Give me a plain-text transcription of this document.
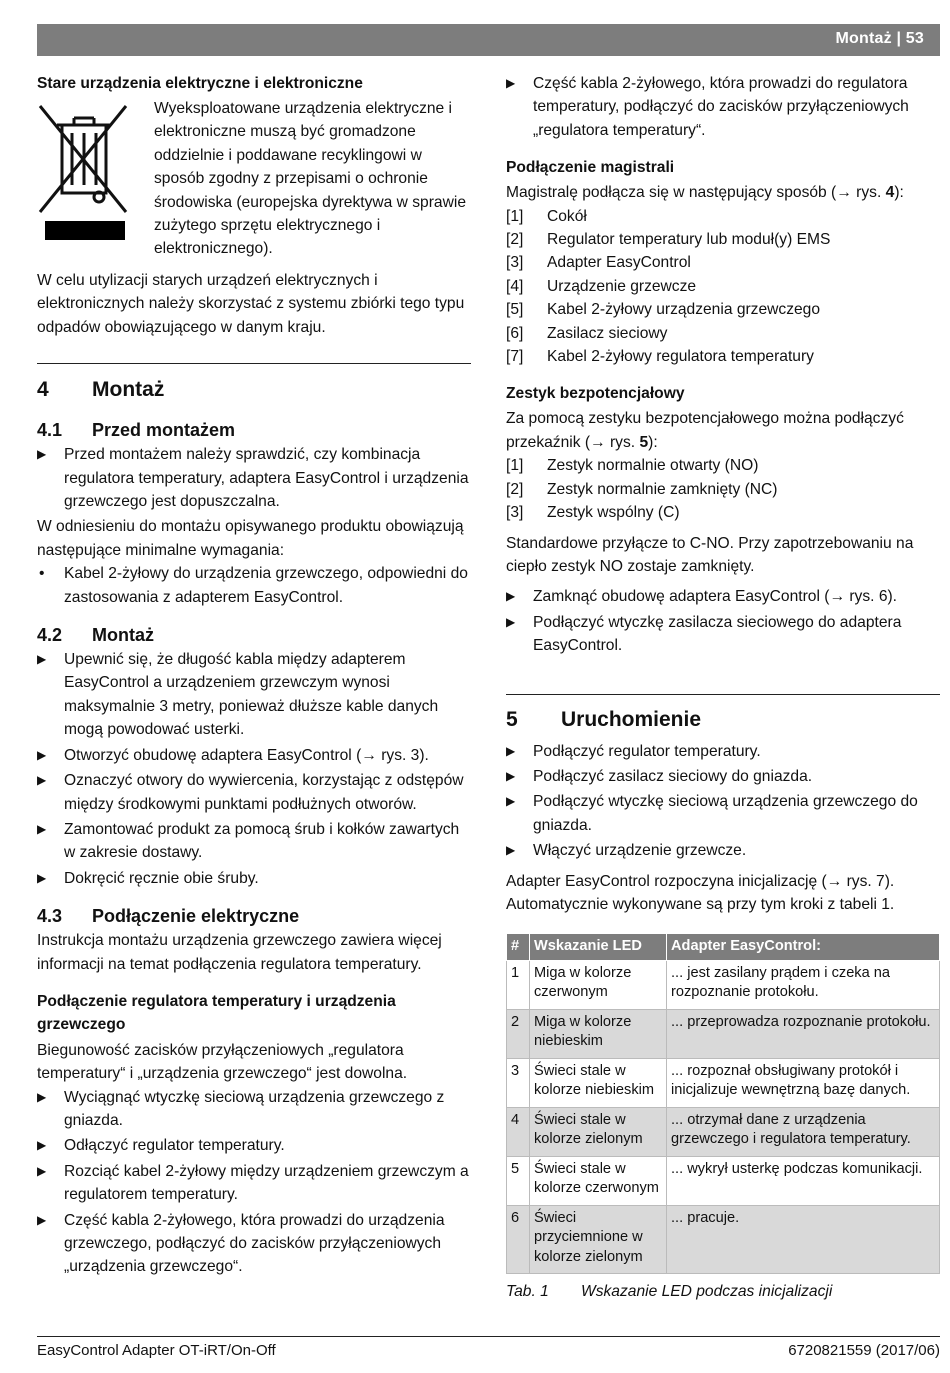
Montaż | 53
Stare urządzenia elektryczne i elektroniczne

Wyeksploatowane urządzenia elektryczne i elektroniczne muszą być gromadzone oddzielnie i poddawane recyklingowi w sposób zgodny z przepisami o ochronie środowiska (europejska dyrektywa w sprawie zużytego sprzętu elektrycznego i elektronicznego).

W celu utylizacji starych urządzeń elektrycznych i elektronicznych należy skorzystać z systemu zbiórki tego typu odpadów obowiązującego w danym kraju.

4	Montaż
4.1	Przed montażem
▶	Przed montażem należy sprawdzić, czy kombinacja regulatora temperatury, adaptera EasyControl i urządzenia grzewczego jest dopuszczalna.

W odniesieniu do montażu opisywanego produktu obowiązują następujące minimalne wymagania:

•	Kabel 2-żyłowy do urządzenia grzewczego, odpowiedni do zastosowania z adapterem EasyControl.
4.2	Montaż
▶	Upewnić się, że długość kabla między adapterem EasyControl a urządzeniem grzewczym wynosi maksymalnie 3 metry, ponieważ dłuższe kable danych mogą powodować usterki.
▶	Otworzyć obudowę adaptera EasyControl (→ rys. 3).
▶	Oznaczyć otwory do wywiercenia, korzystając z odstępów między środkowymi punktami podłużnych otworów.
▶	Zamontować produkt za pomocą śrub i kołków zawartych w zakresie dostawy.
▶	Dokręcić ręcznie obie śruby.
4.3	Podłączenie elektryczne

Instrukcja montażu urządzenia grzewczego zawiera więcej informacji na temat podłączenia regulatora temperatury.

Podłączenie regulatora temperatury i urządzenia grzewczego

Biegunowość zacisków przyłączeniowych „regulatora temperatury“ i „urządzenia grzewczego“ jest dowolna.

▶	Wyciągnąć wtyczkę sieciową urządzenia grzewczego z gniazda.
▶	Odłączyć regulator temperatury.
▶	Rozciąć kabel 2-żyłowy między urządzeniem grzewczym a regulatorem temperatury.
▶	Część kabla 2-żyłowego, która prowadzi do urządzenia grzewczego, podłączyć do zacisków przyłączeniowych „urządzenia grzewczego“.
▶	Część kabla 2-żyłowego, która prowadzi do regulatora temperatury, podłączyć do zacisków przyłączeniowych „regulatora temperatury“.
Podłączenie magistrali

Magistralę podłącza się w następujący sposób (→ rys. 4):

[1]	Cokół
[2]	Regulator temperatury lub moduł(y) EMS
[3]	Adapter EasyControl
[4]	Urządzenie grzewcze
[5]	Kabel 2-żyłowy urządzenia grzewczego
[6]	Zasilacz sieciowy
[7]	Kabel 2-żyłowy regulatora temperatury
Zestyk bezpotencjałowy

Za pomocą zestyku bezpotencjałowego można podłączyć przekaźnik (→ rys. 5):

[1]	Zestyk normalnie otwarty (NO)
[2]	Zestyk normalnie zamknięty (NC)
[3]	Zestyk wspólny (C)

Standardowe przyłącze to C-NO. Przy zapotrzebowaniu na ciepło zestyk NO zostaje zamknięty.

▶	Zamknąć obudowę adaptera EasyControl (→ rys. 6).
▶	Podłączyć wtyczkę zasilacza sieciowego do adaptera EasyControl.
5	Uruchomienie
▶	Podłączyć regulator temperatury.
▶	Podłączyć zasilacz sieciowy do gniazda.
▶	Podłączyć wtyczkę sieciową urządzenia grzewczego do gniazda.
▶	Włączyć urządzenie grzewcze.

Adapter EasyControl rozpoczyna inicjalizację (→ rys. 7). Automatycznie wykonywane są przy tym kroki z tabeli 1.

#	Wskazanie LED	Adapter EasyControl:
1	Miga w kolorze czerwonym	... jest zasilany prądem i czeka na rozpoznanie protokołu.
2	Miga w kolorze niebieskim	... przeprowadza rozpoznanie protokołu.
3	Świeci stale w kolorze niebieskim	... rozpoznał obsługiwany protokół i inicjalizuje wewnętrzną bazę danych.
4	Świeci stale w kolorze zielonym	... otrzymał dane z urządzenia grzewczego i regulatora temperatury.
5	Świeci stale w kolorze czerwonym	... wykrył usterkę podczas komunikacji.
6	Świeci przyciemnione w kolorze zielonym	... pracuje.
Tab. 1	Wskazanie LED podczas inicjalizacji
EasyControl Adapter OT-iRT/On-Off	6720821559 (2017/06)
